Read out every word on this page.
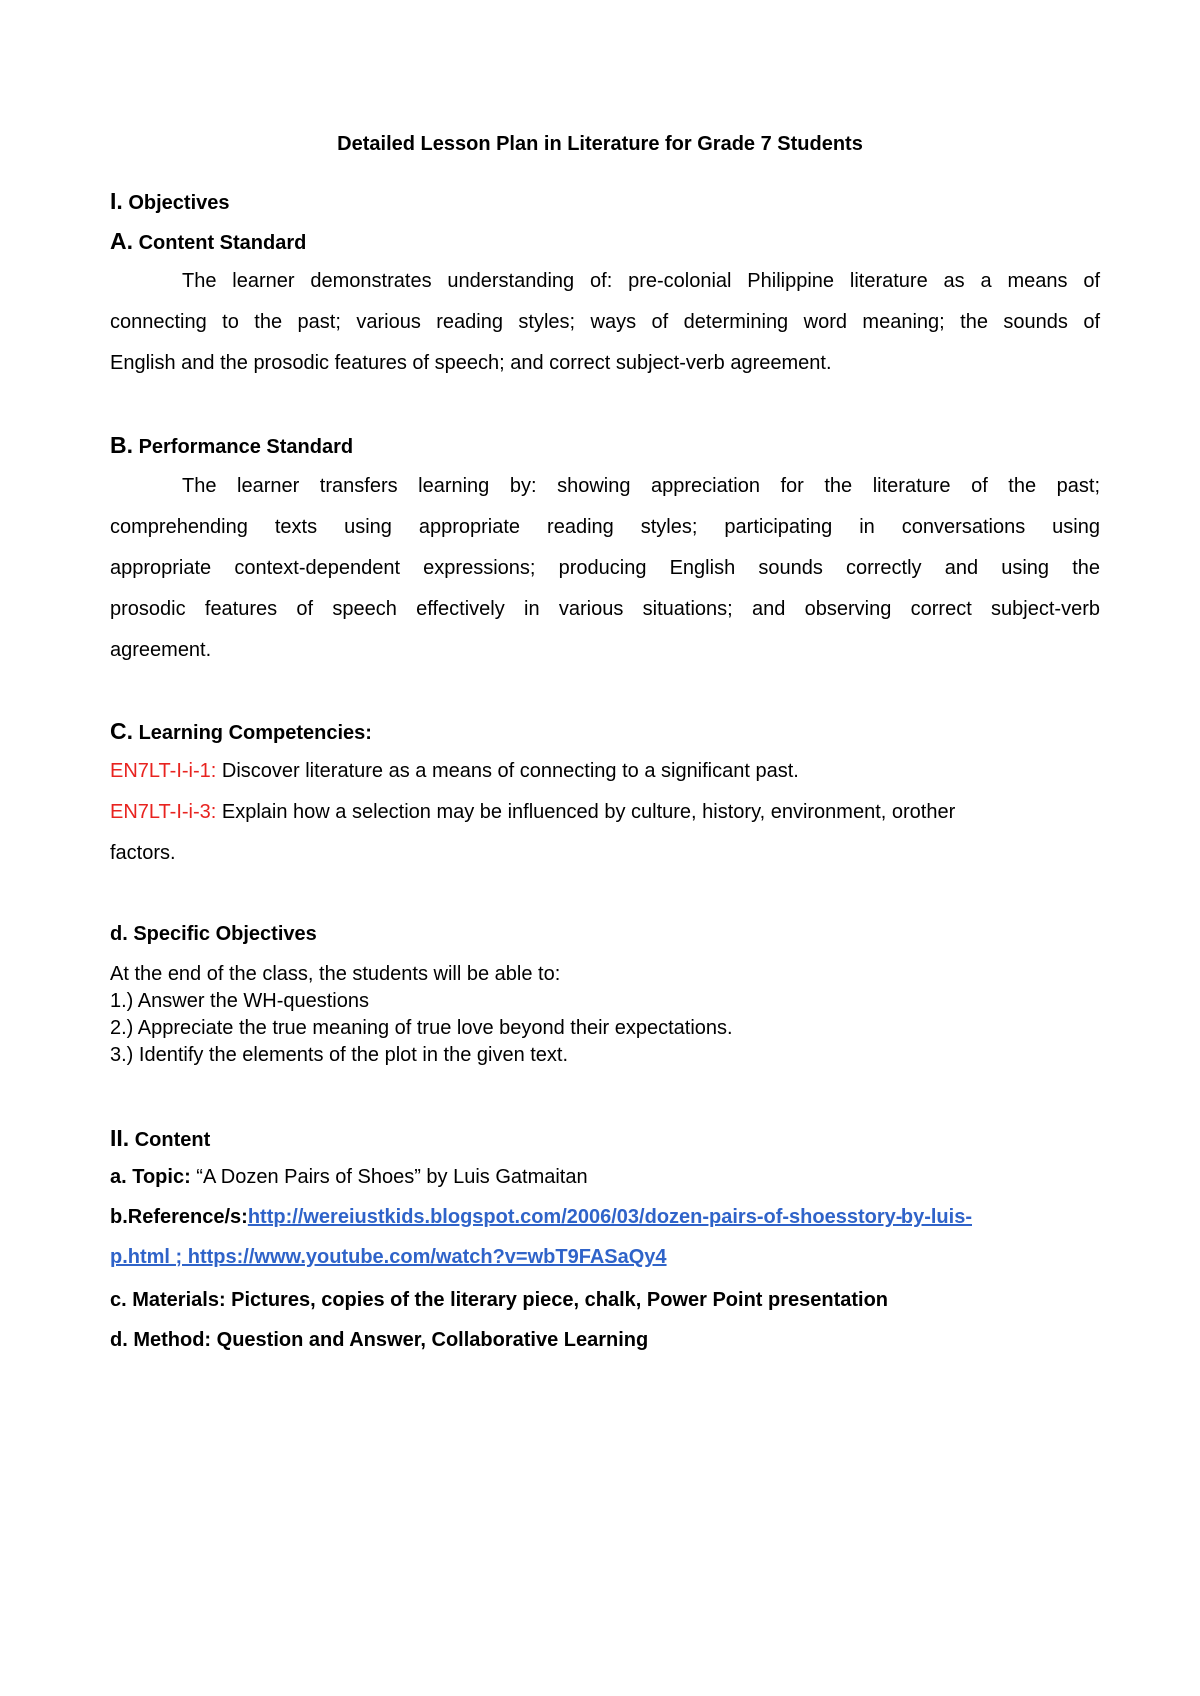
Detailed Lesson Plan in Literature for Grade 7 Students
I. Objectives
A. Content Standard
The learner demonstrates understanding of: pre-colonial Philippine literature as a means of
connecting to the past; various reading styles; ways of determining word meaning; the sounds of
English and the prosodic features of speech; and correct subject-verb agreement.
B. Performance Standard
The learner transfers learning by: showing appreciation for the literature of the past;
comprehending texts using appropriate reading styles; participating in conversations using
appropriate context-dependent expressions; producing English sounds correctly and using the
prosodic features of speech effectively in various situations; and observing correct subject-verb
agreement.
C. Learning Competencies:
EN7LT-I-i-1: Discover literature as a means of connecting to a significant past.
EN7LT-I-i-3: Explain how a selection may be influenced by culture, history, environment, orother
factors.
d. Specific Objectives
At the end of the class, the students will be able to:
1.) Answer the WH-questions
2.) Appreciate the true meaning of true love beyond their expectations.
3.) Identify the elements of the plot in the given text.
II. Content
a. Topic: “A Dozen Pairs of Shoes” by Luis Gatmaitan
b.Reference/s:http://wereiustkids.blogspot.com/2006/03/dozen-pairs-of-shoesstory-
by-luis-
p.html ; https://www.youtube.com/watch?v=wbT9FASaQy4
c. Materials: Pictures, copies of the literary piece, chalk, Power Point presentation
d. Method: Question and Answer, Collaborative Learning
